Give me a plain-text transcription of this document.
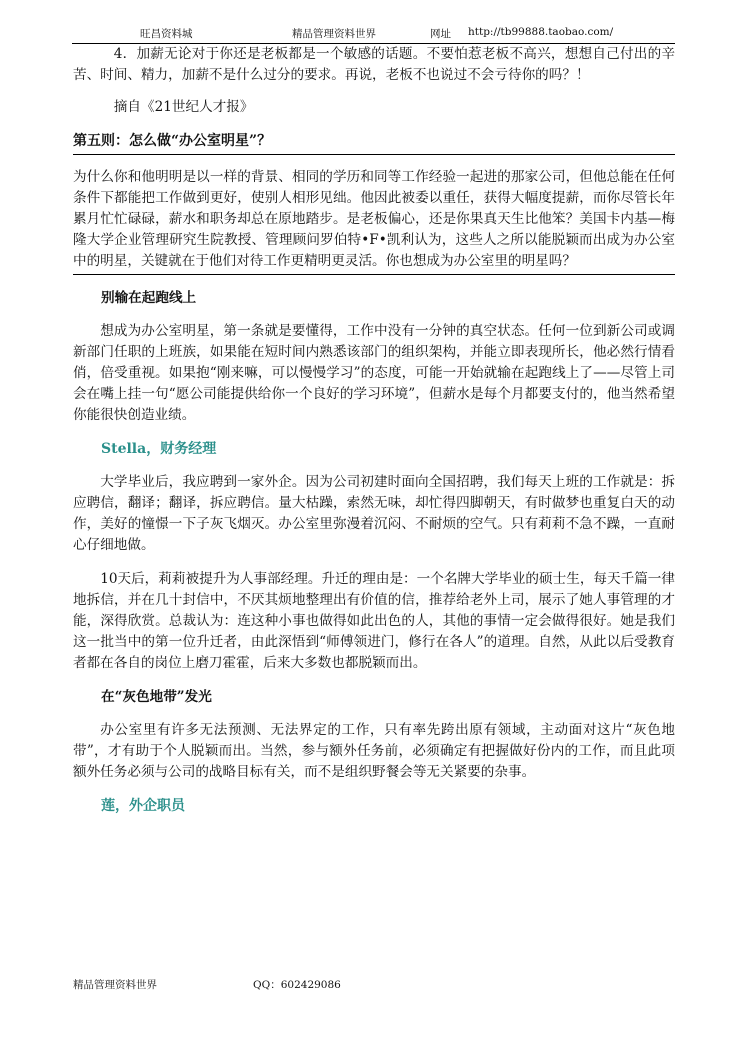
旺昌资料城	精品管理资料世界	网址 http://tb99888.taobao.com/

4．加薪无论对于你还是老板都是一个敏感的话题。不要怕惹老板不高兴，想想自己付出的辛苦、时间、精力，加薪不是什么过分的要求。再说，老板不也说过不会亏待你的吗？！

摘自《21世纪人才报》

第五则：怎么做“办公室明星”？

为什么你和他明明是以一样的背景、相同的学历和同等工作经验一起进的那家公司，但他总能在任何条件下都能把工作做到更好，使别人相形见绌。他因此被委以重任，获得大幅度提薪，而你尽管长年累月忙忙碌碌，薪水和职务却总在原地踏步。是老板偏心，还是你果真天生比他笨？美国卡内基—梅隆大学企业管理研究生院教授、管理顾问罗伯特•F•凯利认为，这些人之所以能脱颖而出成为办公室中的明星，关键就在于他们对待工作更精明更灵活。你也想成为办公室里的明星吗？

别输在起跑线上

想成为办公室明星，第一条就是要懂得，工作中没有一分钟的真空状态。任何一位到新公司或调新部门任职的上班族，如果能在短时间内熟悉该部门的组织架构，并能立即表现所长，他必然行情看俏，倍受重视。如果抱“刚来嘛，可以慢慢学习”的态度，可能一开始就输在起跑线上了——尽管上司会在嘴上挂一句“愿公司能提供给你一个良好的学习环境”，但薪水是每个月都要支付的，他当然希望你能很快创造业绩。

Stella，财务经理

大学毕业后，我应聘到一家外企。因为公司初建时面向全国招聘，我们每天上班的工作就是：拆应聘信，翻译；翻译，拆应聘信。量大枯躁，索然无味，却忙得四脚朝天，有时做梦也重复白天的动作，美好的憧憬一下子灰飞烟灭。办公室里弥漫着沉闷、不耐烦的空气。只有莉莉不急不躁，一直耐心仔细地做。

10天后，莉莉被提升为人事部经理。升迁的理由是：一个名牌大学毕业的硕士生，每天千篇一律地拆信，并在几十封信中，不厌其烦地整理出有价值的信，推荐给老外上司，展示了她人事管理的才能，深得欣赏。总裁认为：连这种小事也做得如此出色的人，其他的事情一定会做得很好。她是我们这一批当中的第一位升迁者，由此深悟到“师傅领进门，修行在各人”的道理。自然，从此以后受教育者都在各自的岗位上磨刀霍霍，后来大多数也都脱颖而出。

在“灰色地带”发光

办公室里有许多无法预测、无法界定的工作，只有率先跨出原有领域，主动面对这片“灰色地带”，才有助于个人脱颖而出。当然，参与额外任务前，必须确定有把握做好份内的工作，而且此项额外任务必须与公司的战略目标有关，而不是组织野餐会等无关紧要的杂事。

莲，外企职员

精品管理资料世界	QQ：602429086
